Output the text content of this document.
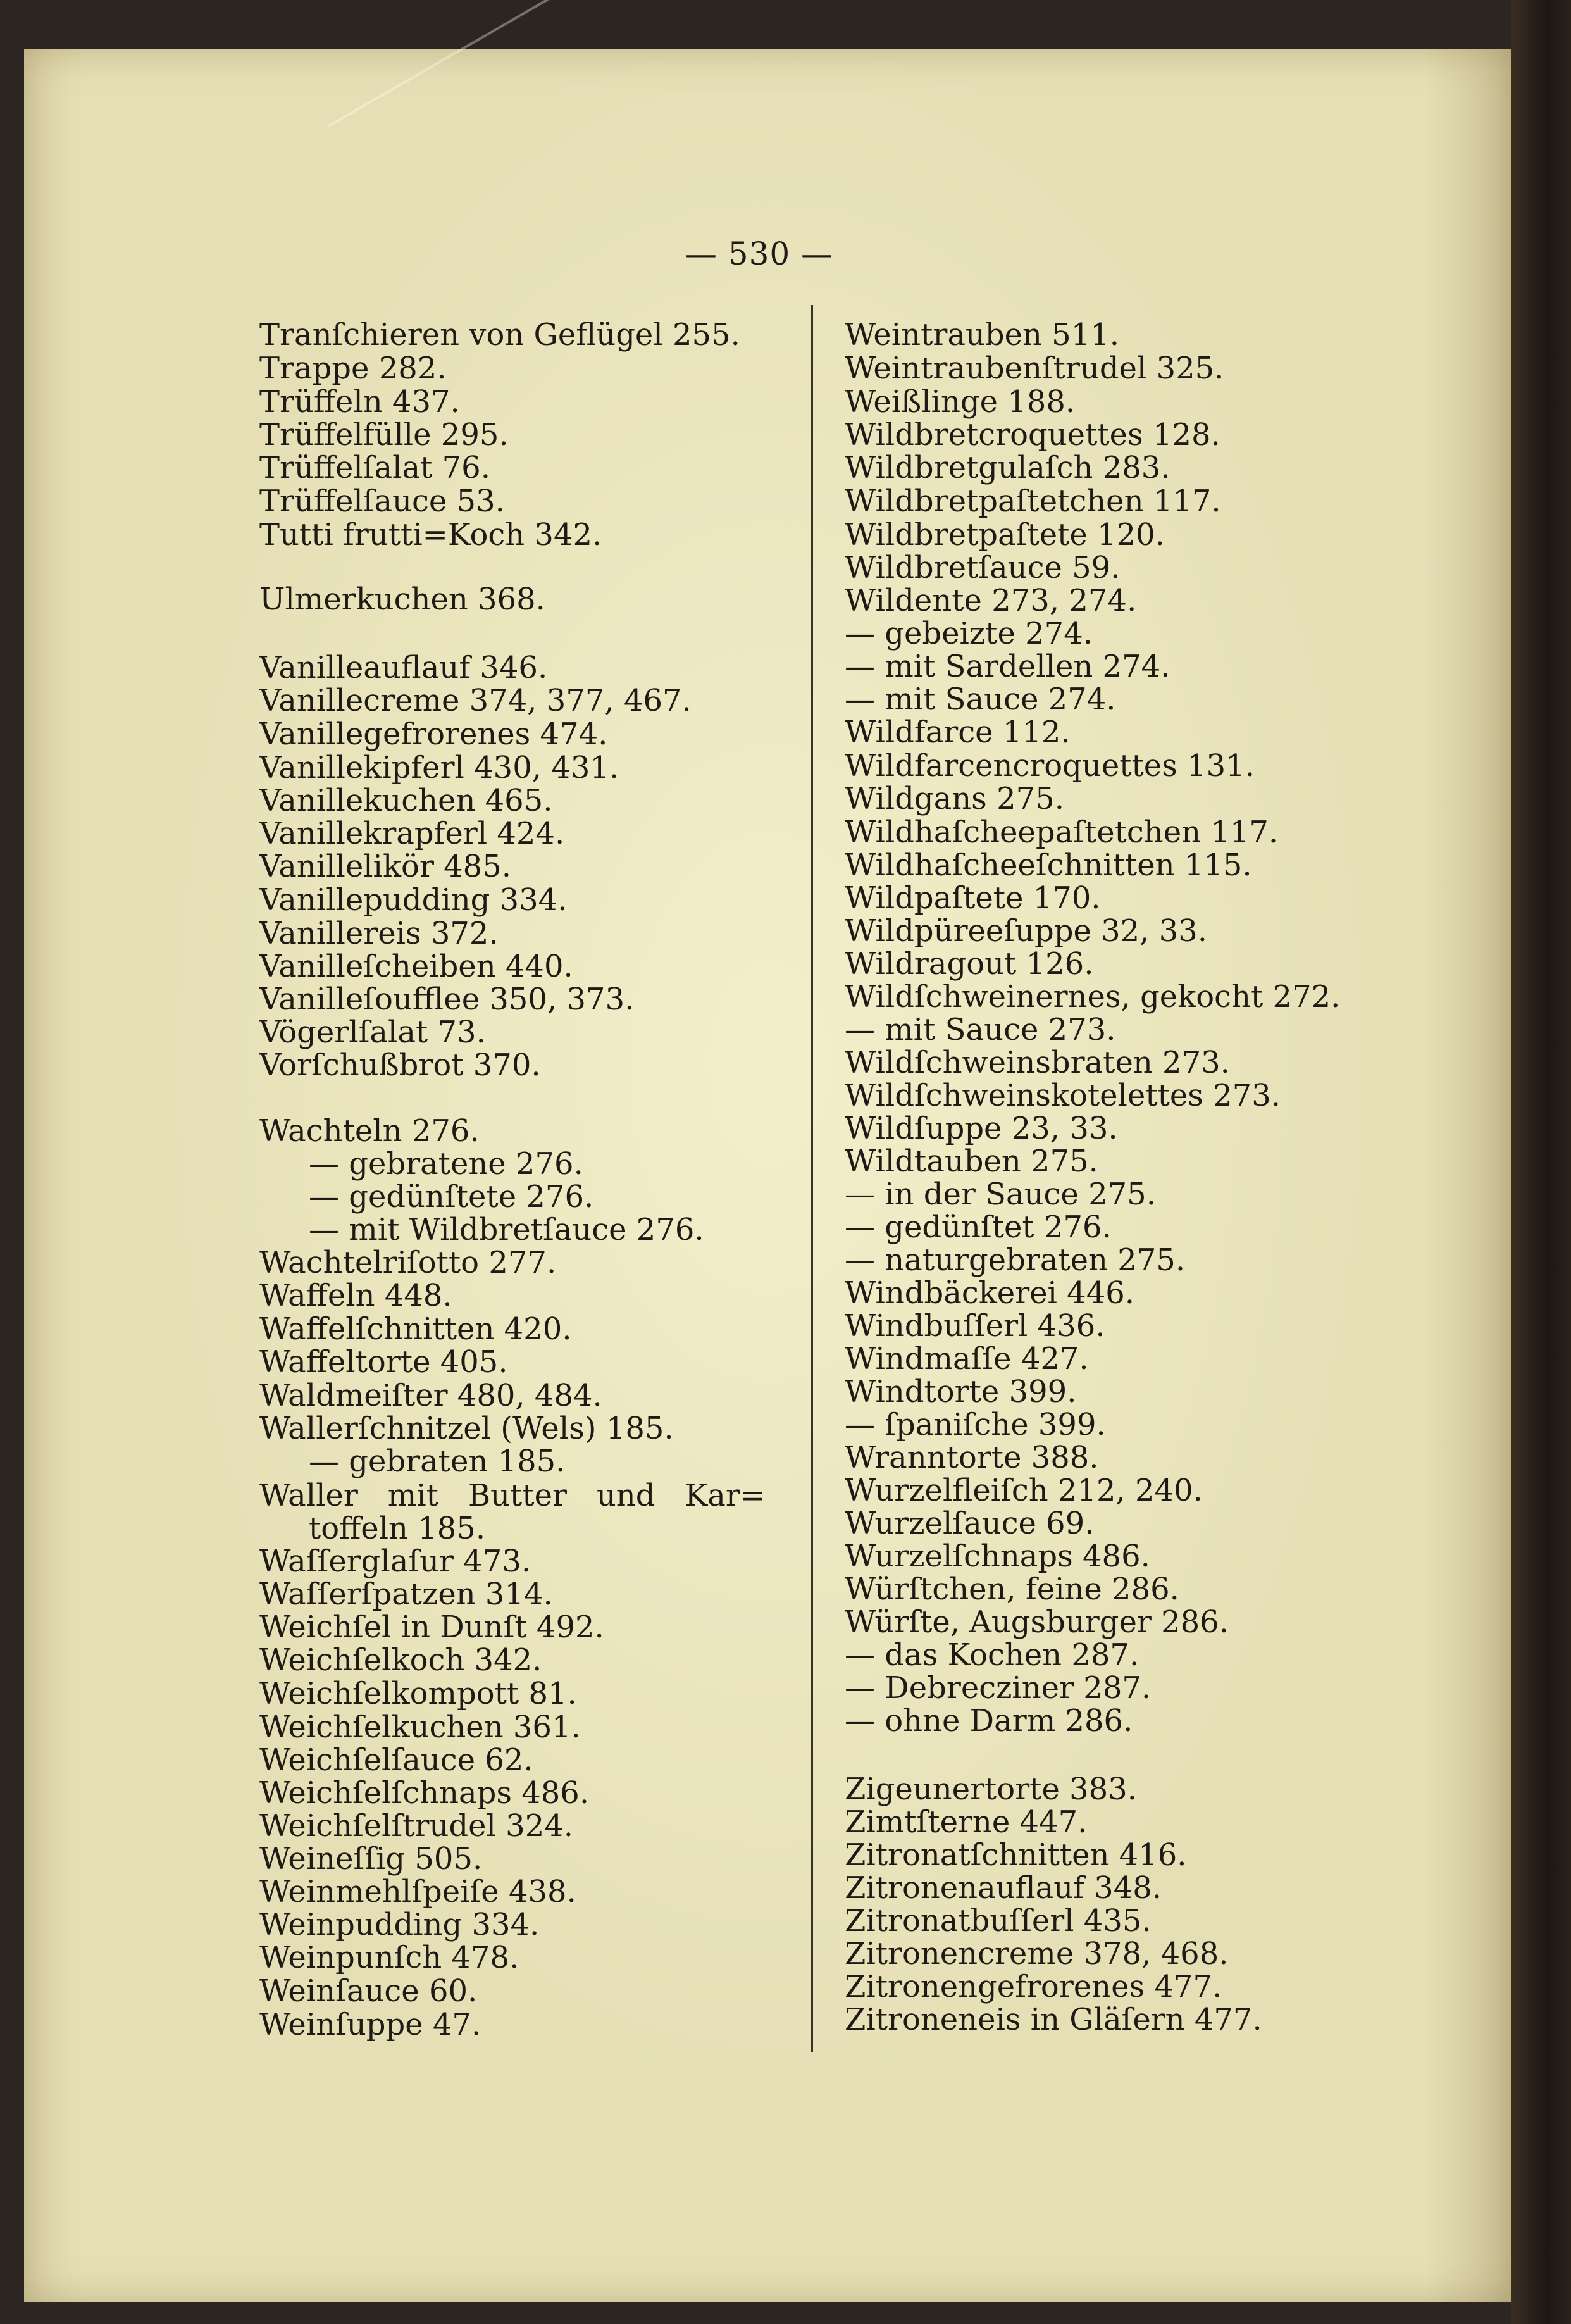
— 530 —
Tranſchieren von Geflügel 255.
Trappe 282.
Trüffeln 437.
Trüffelfülle 295.
Trüffelſalat 76.
Trüffelſauce 53.
Tutti frutti=Koch 342.
Ulmerkuchen 368.
Vanilleauflauf 346.
Vanillecreme 374, 377, 467.
Vanillegefrorenes 474.
Vanillekipferl 430, 431.
Vanillekuchen 465.
Vanillekrapferl 424.
Vanillelikör 485.
Vanillepudding 334.
Vanillereis 372.
Vanilleſcheiben 440.
Vanilleſoufflee 350, 373.
Vögerlſalat 73.
Vorſchußbrot 370.
Wachteln 276.
— gebratene 276.
— gedünſtete 276.
— mit Wildbretſauce 276.
Wachtelriſotto 277.
Waffeln 448.
Waffelſchnitten 420.
Waffeltorte 405.
Waldmeiſter 480, 484.
Wallerſchnitzel (Wels) 185.
— gebraten 185.
Waller mit Butter und Kar=
toffeln 185.
Waſſerglaſur 473.
Waſſerſpatzen 314.
Weichſel in Dunſt 492.
Weichſelkoch 342.
Weichſelkompott 81.
Weichſelkuchen 361.
Weichſelſauce 62.
Weichſelſchnaps 486.
Weichſelſtrudel 324.
Weineſſig 505.
Weinmehlſpeiſe 438.
Weinpudding 334.
Weinpunſch 478.
Weinſauce 60.
Weinſuppe 47.
Weintrauben 511.
Weintraubenſtrudel 325.
Weißlinge 188.
Wildbretcroquettes 128.
Wildbretgulaſch 283.
Wildbretpaſtetchen 117.
Wildbretpaſtete 120.
Wildbretſauce 59.
Wildente 273, 274.
— gebeizte 274.
— mit Sardellen 274.
— mit Sauce 274.
Wildfarce 112.
Wildfarcencroquettes 131.
Wildgans 275.
Wildhaſcheepaſtetchen 117.
Wildhaſcheeſchnitten 115.
Wildpaſtete 170.
Wildpüreeſuppe 32, 33.
Wildragout 126.
Wildſchweinernes, gekocht 272.
— mit Sauce 273.
Wildſchweinsbraten 273.
Wildſchweinskotelettes 273.
Wildſuppe 23, 33.
Wildtauben 275.
— in der Sauce 275.
— gedünſtet 276.
— naturgebraten 275.
Windbäckerei 446.
Windbuſſerl 436.
Windmaſſe 427.
Windtorte 399.
— ſpaniſche 399.
Wranntorte 388.
Wurzelfleiſch 212, 240.
Wurzelſauce 69.
Wurzelſchnaps 486.
Würſtchen, feine 286.
Würſte, Augsburger 286.
— das Kochen 287.
— Debrecziner 287.
— ohne Darm 286.
Zigeunertorte 383.
Zimtſterne 447.
Zitronatſchnitten 416.
Zitronenauflauf 348.
Zitronatbuſſerl 435.
Zitronencreme 378, 468.
Zitronengefrorenes 477.
Zitroneneis in Gläſern 477.
